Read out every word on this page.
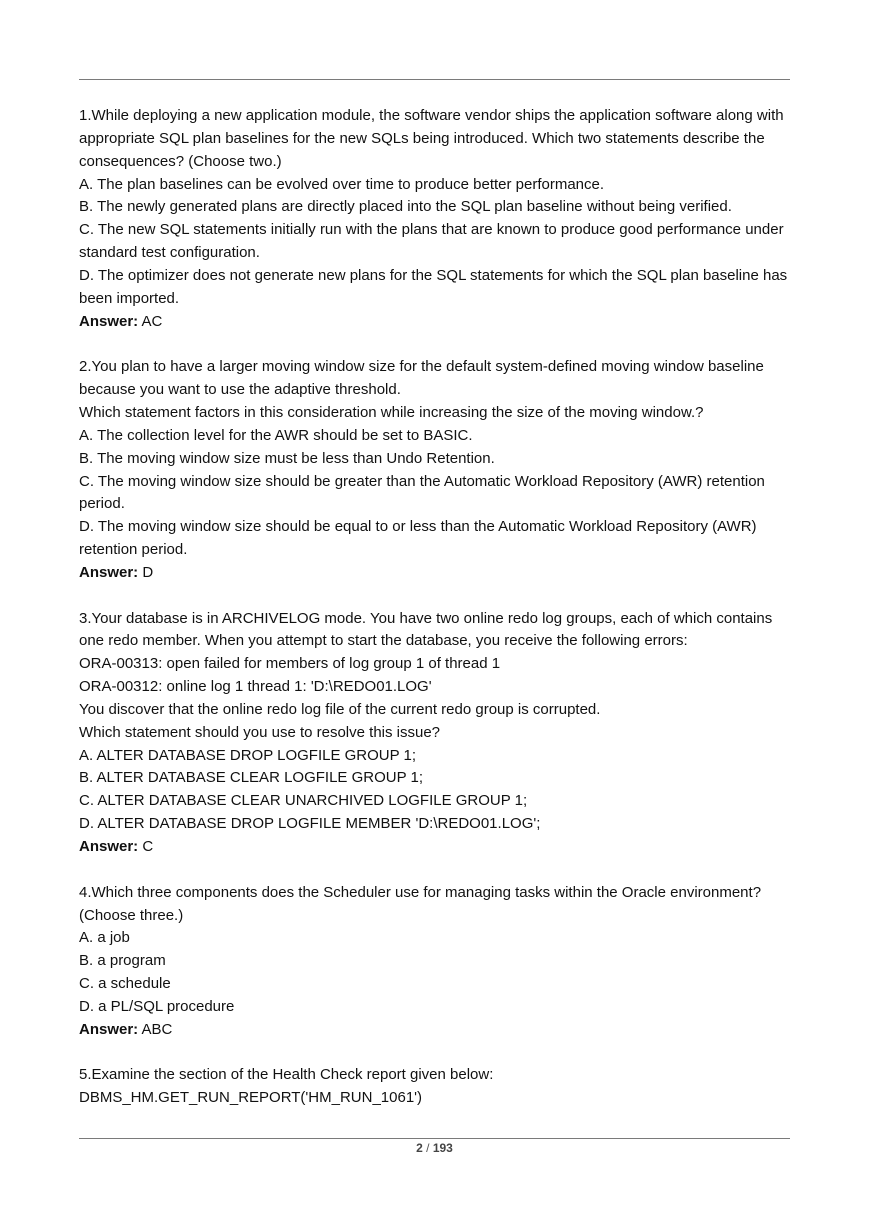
1.While deploying a new application module, the software vendor ships the application software along with appropriate SQL plan baselines for the new SQLs being introduced. Which two statements describe the consequences? (Choose two.)
A. The plan baselines can be evolved over time to produce better performance.
B. The newly generated plans are directly placed into the SQL plan baseline without being verified.
C. The new SQL statements initially run with the plans that are known to produce good performance under standard test configuration.
D. The optimizer does not generate new plans for the SQL statements for which the SQL plan baseline has been imported.
Answer: AC
2.You plan to have a larger moving window size for the default system-defined moving window baseline because you want to use the adaptive threshold.
Which statement factors in this consideration while increasing the size of the moving window.?
A. The collection level for the AWR should be set to BASIC.
B. The moving window size must be less than Undo Retention.
C. The moving window size should be greater than the Automatic Workload Repository (AWR) retention period.
D. The moving window size should be equal to or less than the Automatic Workload Repository (AWR) retention period.
Answer: D
3.Your database is in ARCHIVELOG mode. You have two online redo log groups, each of which contains one redo member. When you attempt to start the database, you receive the following errors:
ORA-00313: open failed for members of log group 1 of thread 1
ORA-00312: online log 1 thread 1: 'D:\REDO01.LOG'
You discover that the online redo log file of the current redo group is corrupted.
Which statement should you use to resolve this issue?
A. ALTER DATABASE DROP LOGFILE GROUP 1;
B. ALTER DATABASE CLEAR LOGFILE GROUP 1;
C. ALTER DATABASE CLEAR UNARCHIVED LOGFILE GROUP 1;
D. ALTER DATABASE DROP LOGFILE MEMBER 'D:\REDO01.LOG';
Answer: C
4.Which three components does the Scheduler use for managing tasks within the Oracle environment? (Choose three.)
A. a job
B. a program
C. a schedule
D. a PL/SQL procedure
Answer: ABC
5.Examine the section of the Health Check report given below:
DBMS_HM.GET_RUN_REPORT('HM_RUN_1061')
2 / 193
